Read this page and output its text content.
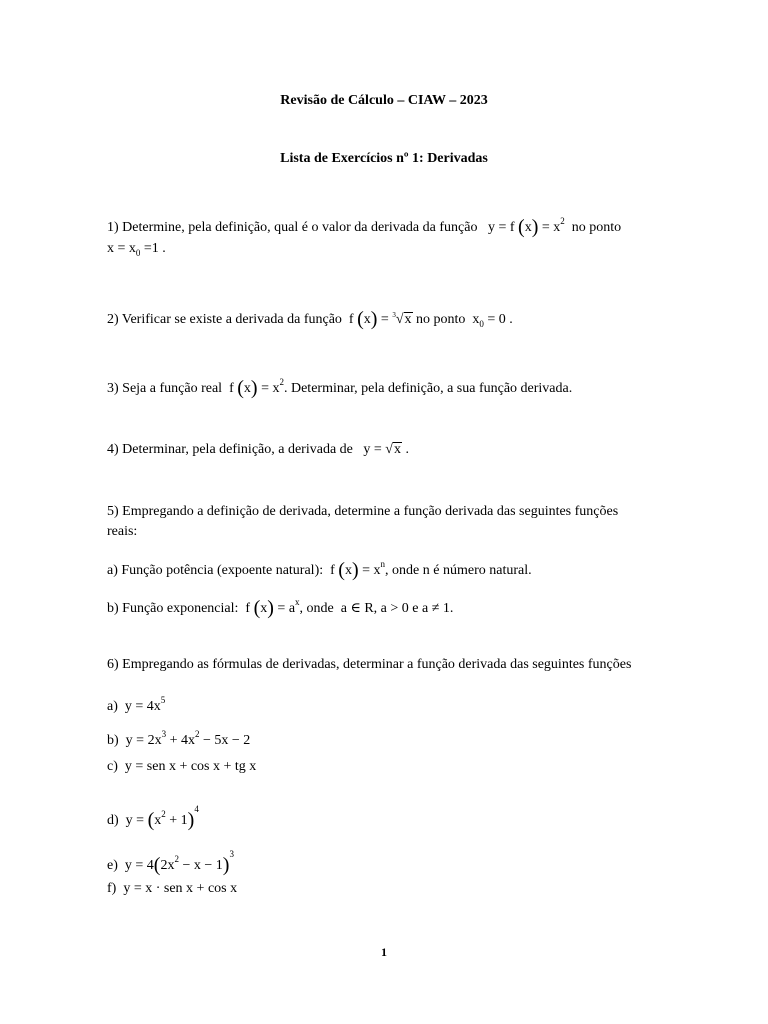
Revisão de Cálculo – CIAW – 2023
Lista de Exercícios nº 1: Derivadas
1) Determine, pela definição, qual é o valor da derivada da função   y = f $(x) = x^2$ no ponto
$x = x_0 =1$ .
2) Verificar se existe a derivada da função  f (x) = $^3$√x no ponto  $x_0 = 0$ .
3) Seja a função real  f $(x) = x^2$. Determinar, pela definição, a sua função derivada.
4) Determinar, pela definição, a derivada de   y = √x .
5) Empregando a definição de derivada, determine a função derivada das seguintes funções
reais:
a) Função potência (expoente natural):  f $(x) = x^n$, onde n é número natural.
b) Função exponencial:  f $(x) = a^x$, onde  a ∈ R, a > 0 e a ≠ 1.
6) Empregando as fórmulas de derivadas, determinar a função derivada das seguintes funções
a)  $y = 4x^5$
b)  $y = 2x^3 + 4x^2 - 5x - 2$
c)  y = sen x + cos x + tg x
d)  $y = (x^2 + 1)^4$
e)  $y = 4(2x^2 - x - 1)^3$
f)  y = x · sen x + cos x
1
